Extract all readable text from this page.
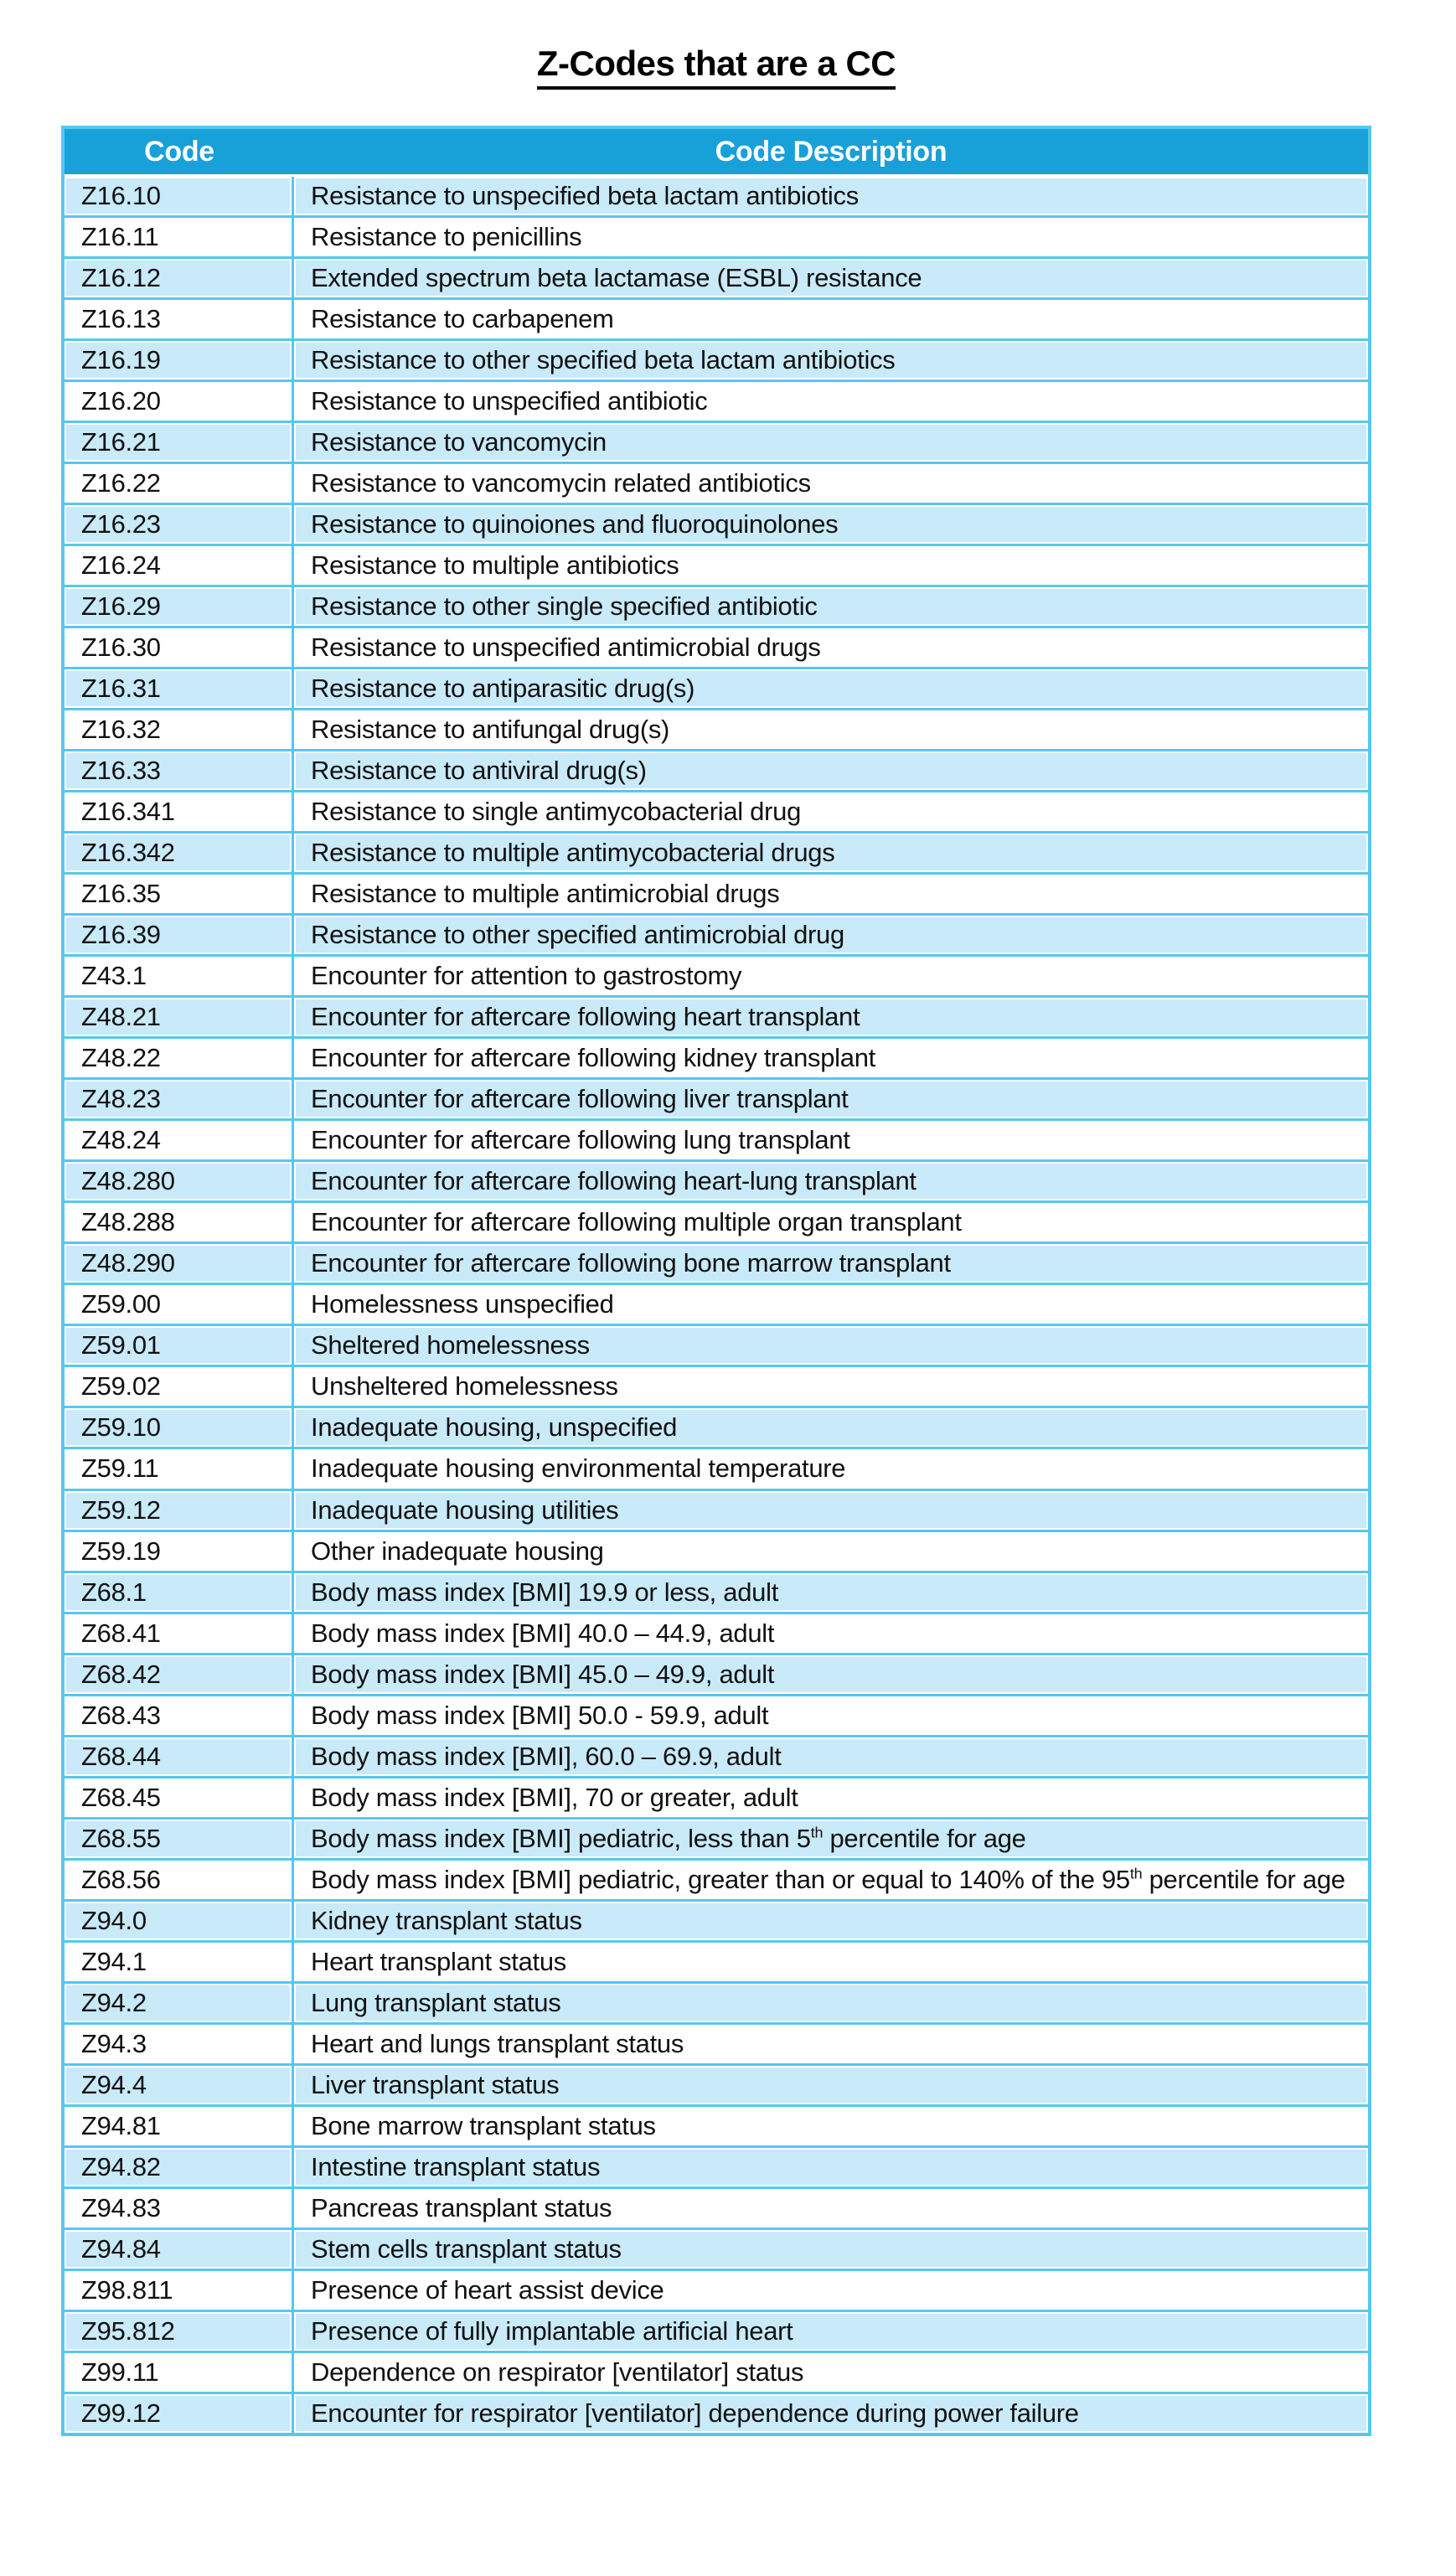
Z-Codes that are a CC
Code	Code Description
Z16.10	Resistance to unspecified beta lactam antibiotics
Z16.11	Resistance to penicillins
Z16.12	Extended spectrum beta lactamase (ESBL) resistance
Z16.13	Resistance to carbapenem
Z16.19	Resistance to other specified beta lactam antibiotics
Z16.20	Resistance to unspecified antibiotic
Z16.21	Resistance to vancomycin
Z16.22	Resistance to vancomycin related antibiotics
Z16.23	Resistance to quinoiones and fluoroquinolones
Z16.24	Resistance to multiple antibiotics
Z16.29	Resistance to other single specified antibiotic
Z16.30	Resistance to unspecified antimicrobial drugs
Z16.31	Resistance to antiparasitic drug(s)
Z16.32	Resistance to antifungal drug(s)
Z16.33	Resistance to antiviral drug(s)
Z16.341	Resistance to single antimycobacterial drug
Z16.342	Resistance to multiple antimycobacterial drugs
Z16.35	Resistance to multiple antimicrobial drugs
Z16.39	Resistance to other specified antimicrobial drug
Z43.1	Encounter for attention to gastrostomy
Z48.21	Encounter for aftercare following heart transplant
Z48.22	Encounter for aftercare following kidney transplant
Z48.23	Encounter for aftercare following liver transplant
Z48.24	Encounter for aftercare following lung transplant
Z48.280	Encounter for aftercare following heart-lung transplant
Z48.288	Encounter for aftercare following multiple organ transplant
Z48.290	Encounter for aftercare following bone marrow transplant
Z59.00	Homelessness unspecified
Z59.01	Sheltered homelessness
Z59.02	Unsheltered homelessness
Z59.10	Inadequate housing, unspecified
Z59.11	Inadequate housing environmental temperature
Z59.12	Inadequate housing utilities
Z59.19	Other inadequate housing
Z68.1	Body mass index [BMI] 19.9 or less, adult
Z68.41	Body mass index [BMI] 40.0 – 44.9, adult
Z68.42	Body mass index [BMI] 45.0 – 49.9, adult
Z68.43	Body mass index [BMI] 50.0 - 59.9, adult
Z68.44	Body mass index [BMI], 60.0 – 69.9, adult
Z68.45	Body mass index [BMI], 70 or greater, adult
Z68.55	Body mass index [BMI] pediatric, less than 5th percentile for age
Z68.56	Body mass index [BMI] pediatric, greater than or equal to 140% of the 95th percentile for age
Z94.0	Kidney transplant status
Z94.1	Heart transplant status
Z94.2	Lung transplant status
Z94.3	Heart and lungs transplant status
Z94.4	Liver transplant status
Z94.81	Bone marrow transplant status
Z94.82	Intestine transplant status
Z94.83	Pancreas transplant status
Z94.84	Stem cells transplant status
Z98.811	Presence of heart assist device
Z95.812	Presence of fully implantable artificial heart
Z99.11	Dependence on respirator [ventilator] status
Z99.12	Encounter for respirator [ventilator] dependence during power failure
